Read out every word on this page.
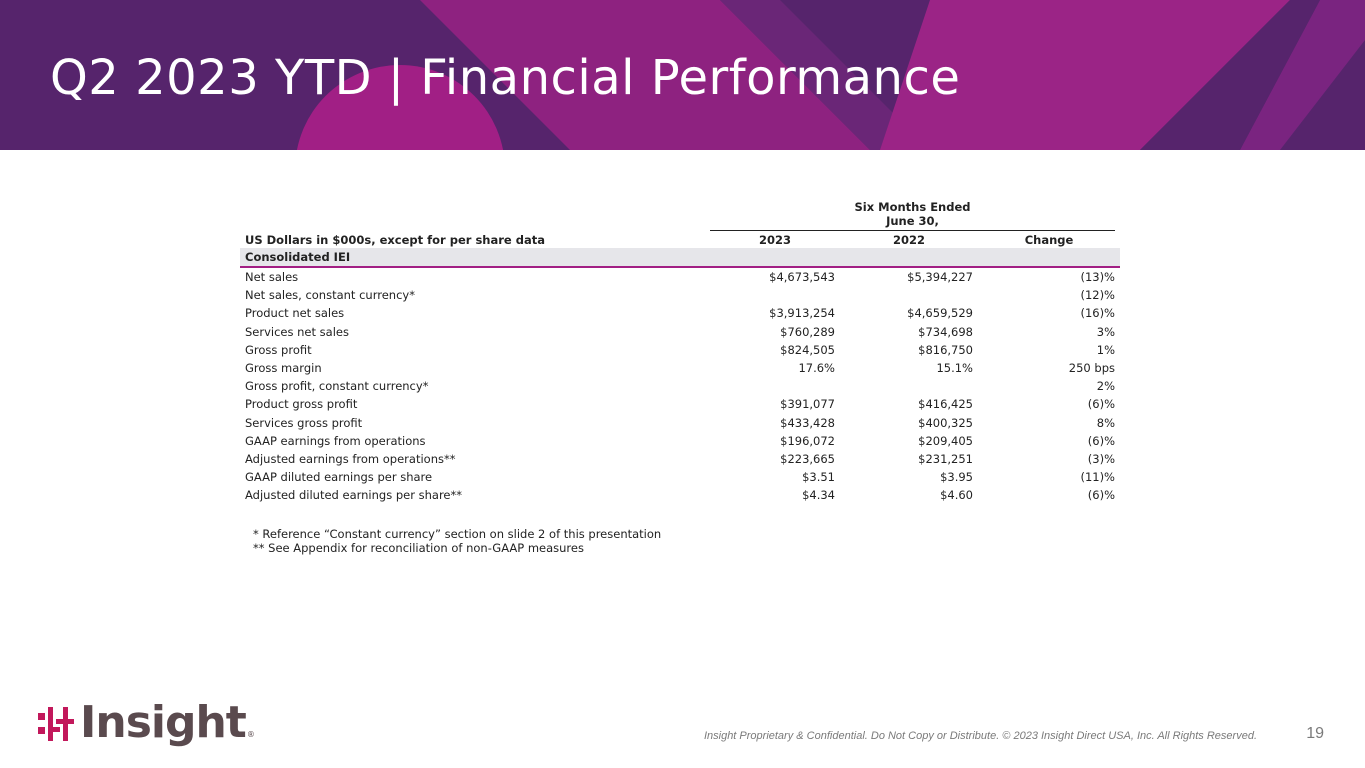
Q2 2023 YTD | Financial Performance

	Six Months Ended
June 30,		

US Dollars in $000s, except for per share data	2023	2022	Change
Consolidated IEI			
Net sales	$4,673,543	$5,394,227	(13)%
Net sales, constant currency*			(12)%
Product net sales	$3,913,254	$4,659,529	(16)%
Services net sales	$760,289	$734,698	3%
Gross profit	$824,505	$816,750	1%
Gross margin	17.6%	15.1%	250 bps
Gross profit, constant currency*			2%
Product gross profit	$391,077	$416,425	(6)%
Services gross profit	$433,428	$400,325	8%
GAAP earnings from operations	$196,072	$209,405	(6)%
Adjusted earnings from operations**	$223,665	$231,251	(3)%
GAAP diluted earnings per share	$3.51	$3.95	(11)%
Adjusted diluted earnings per share**	$4.34	$4.60	(6)%
* Reference “Constant currency” section on slide 2 of this presentation
** See Appendix for reconciliation of non-GAAP measures
Insight ®	Insight Proprietary & Confidential. Do Not Copy or Distribute. © 2023 Insight Direct USA, Inc. All Rights Reserved.	19
